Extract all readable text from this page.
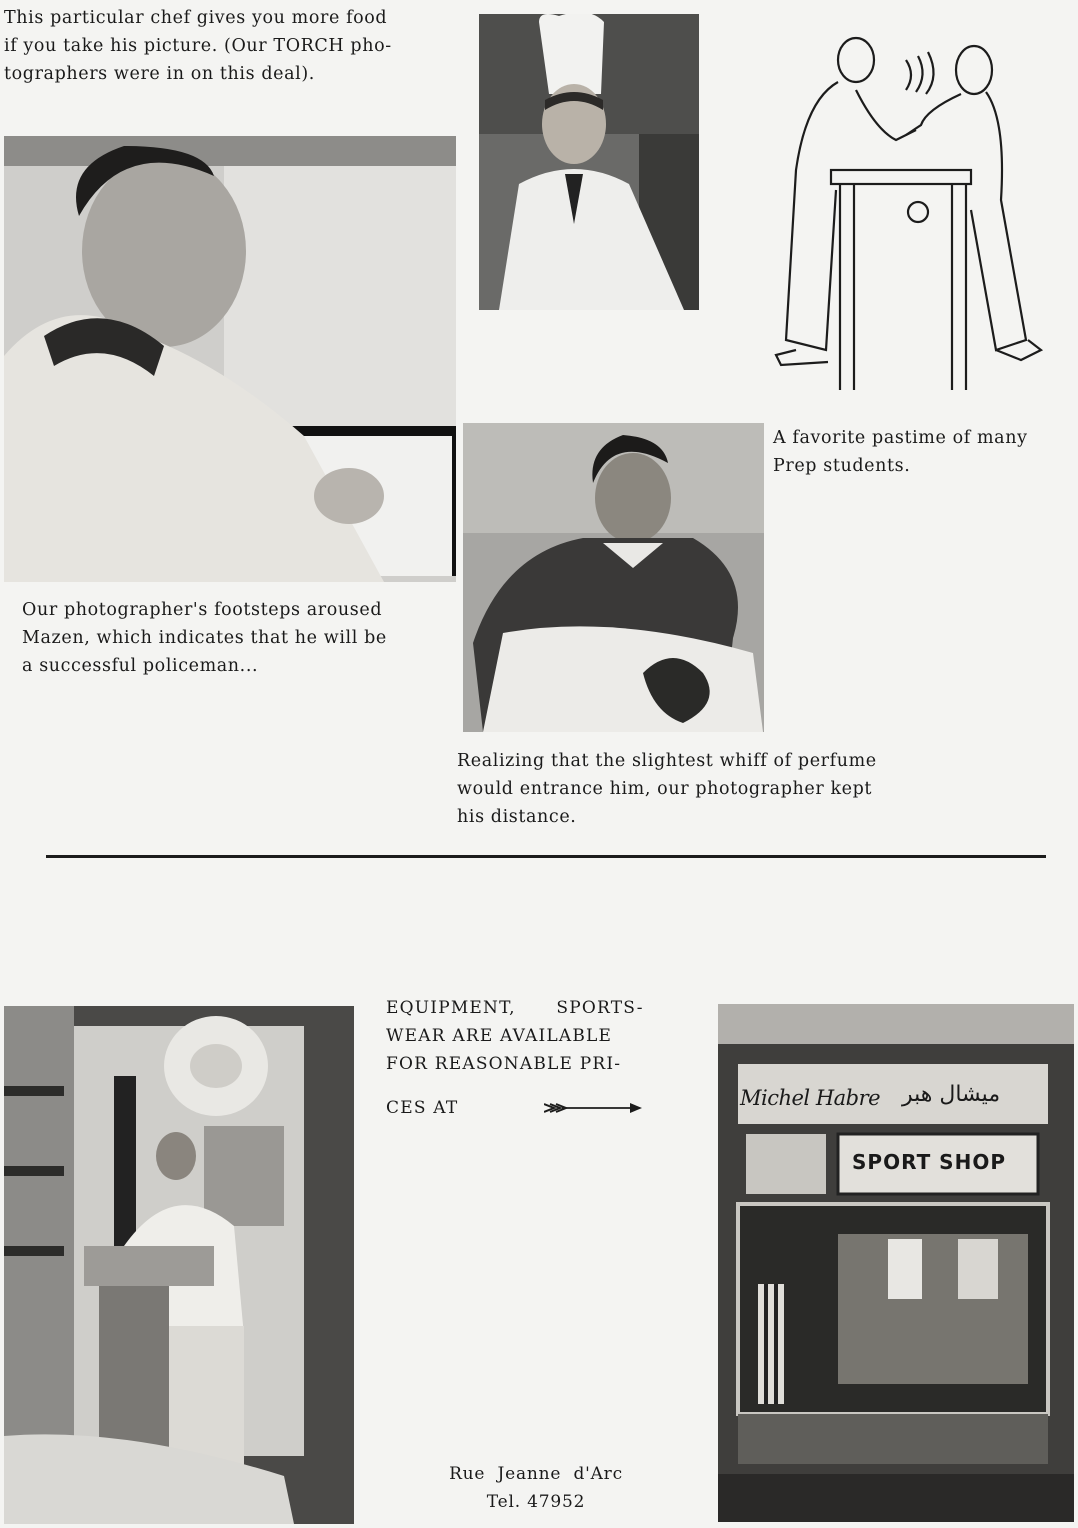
This particular chef gives you more food
if you take his picture. (Our TORCH pho-
tographers were in on this deal).
Our photographer's footsteps aroused
Mazen, which indicates that he will be
a successful policeman...
A favorite pastime of many
Prep students.
Realizing that the slightest whiff of perfume
would entrance him, our photographer kept
his distance.
EQUIPMENT, SPORTS-
WEAR ARE AVAILABLE
FOR REASONABLE PRI-
CES AT
Rue Jeanne d'Arc
Tel. 47952
Michel Habre ميشال هبر
SPORT SHOP
